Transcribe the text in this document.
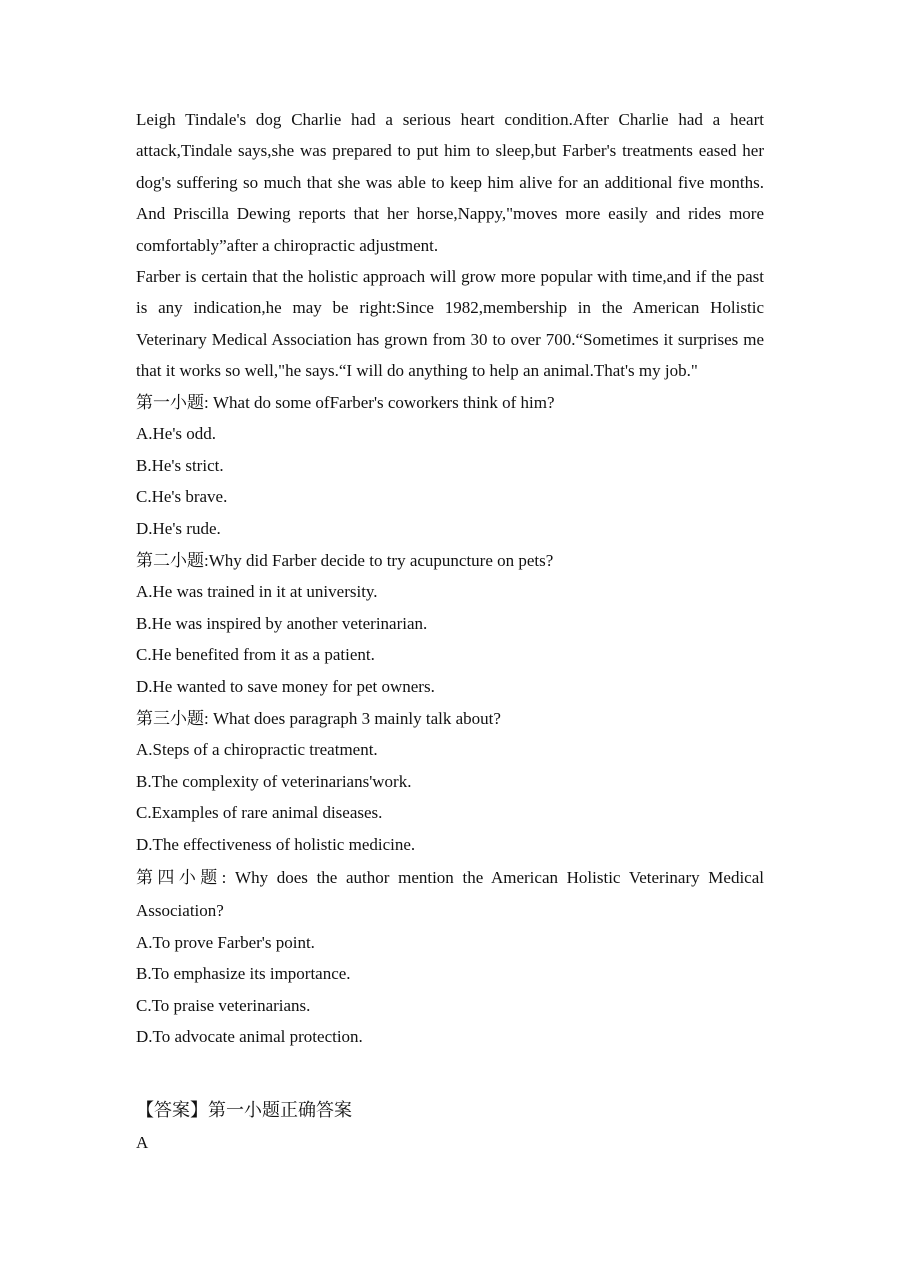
Leigh Tindale's dog Charlie had a serious heart condition.After Charlie had a heart attack,Tindale says,she was prepared to put him to sleep,but Farber's treatments eased her dog's suffering so much that she was able to keep him alive for an additional five months. And Priscilla Dewing reports that her horse,Nappy,"moves more easily and rides more comfortably”after a chiropractic adjustment.

Farber is certain that the holistic approach will grow more popular with time,and if the past is any indication,he may be right:Since 1982,membership in the American Holistic Veterinary Medical Association has grown from 30 to over 700.“Sometimes it surprises me that it works so well,"he says.“I will do anything to help an animal.That's my job."

第一小题: What do some ofFarber's coworkers think of him?

A.He's odd.

B.He's strict.

C.He's brave.

D.He's rude.

第二小题:Why did Farber decide to try acupuncture on pets?

A.He was trained in it at university.

B.He was inspired by another veterinarian.

C.He benefited from it as a patient.

D.He wanted to save money for pet owners.

第三小题: What does paragraph 3 mainly talk about?

A.Steps of a chiropractic treatment.

B.The complexity of veterinarians'work.

C.Examples of rare animal diseases.

D.The effectiveness of holistic medicine.

第四小题: Why does the author mention the American Holistic Veterinary Medical Association?

A.To prove Farber's point.

B.To emphasize its importance.

C.To praise veterinarians.

D.To advocate animal protection.

【答案】第一小题正确答案

A
